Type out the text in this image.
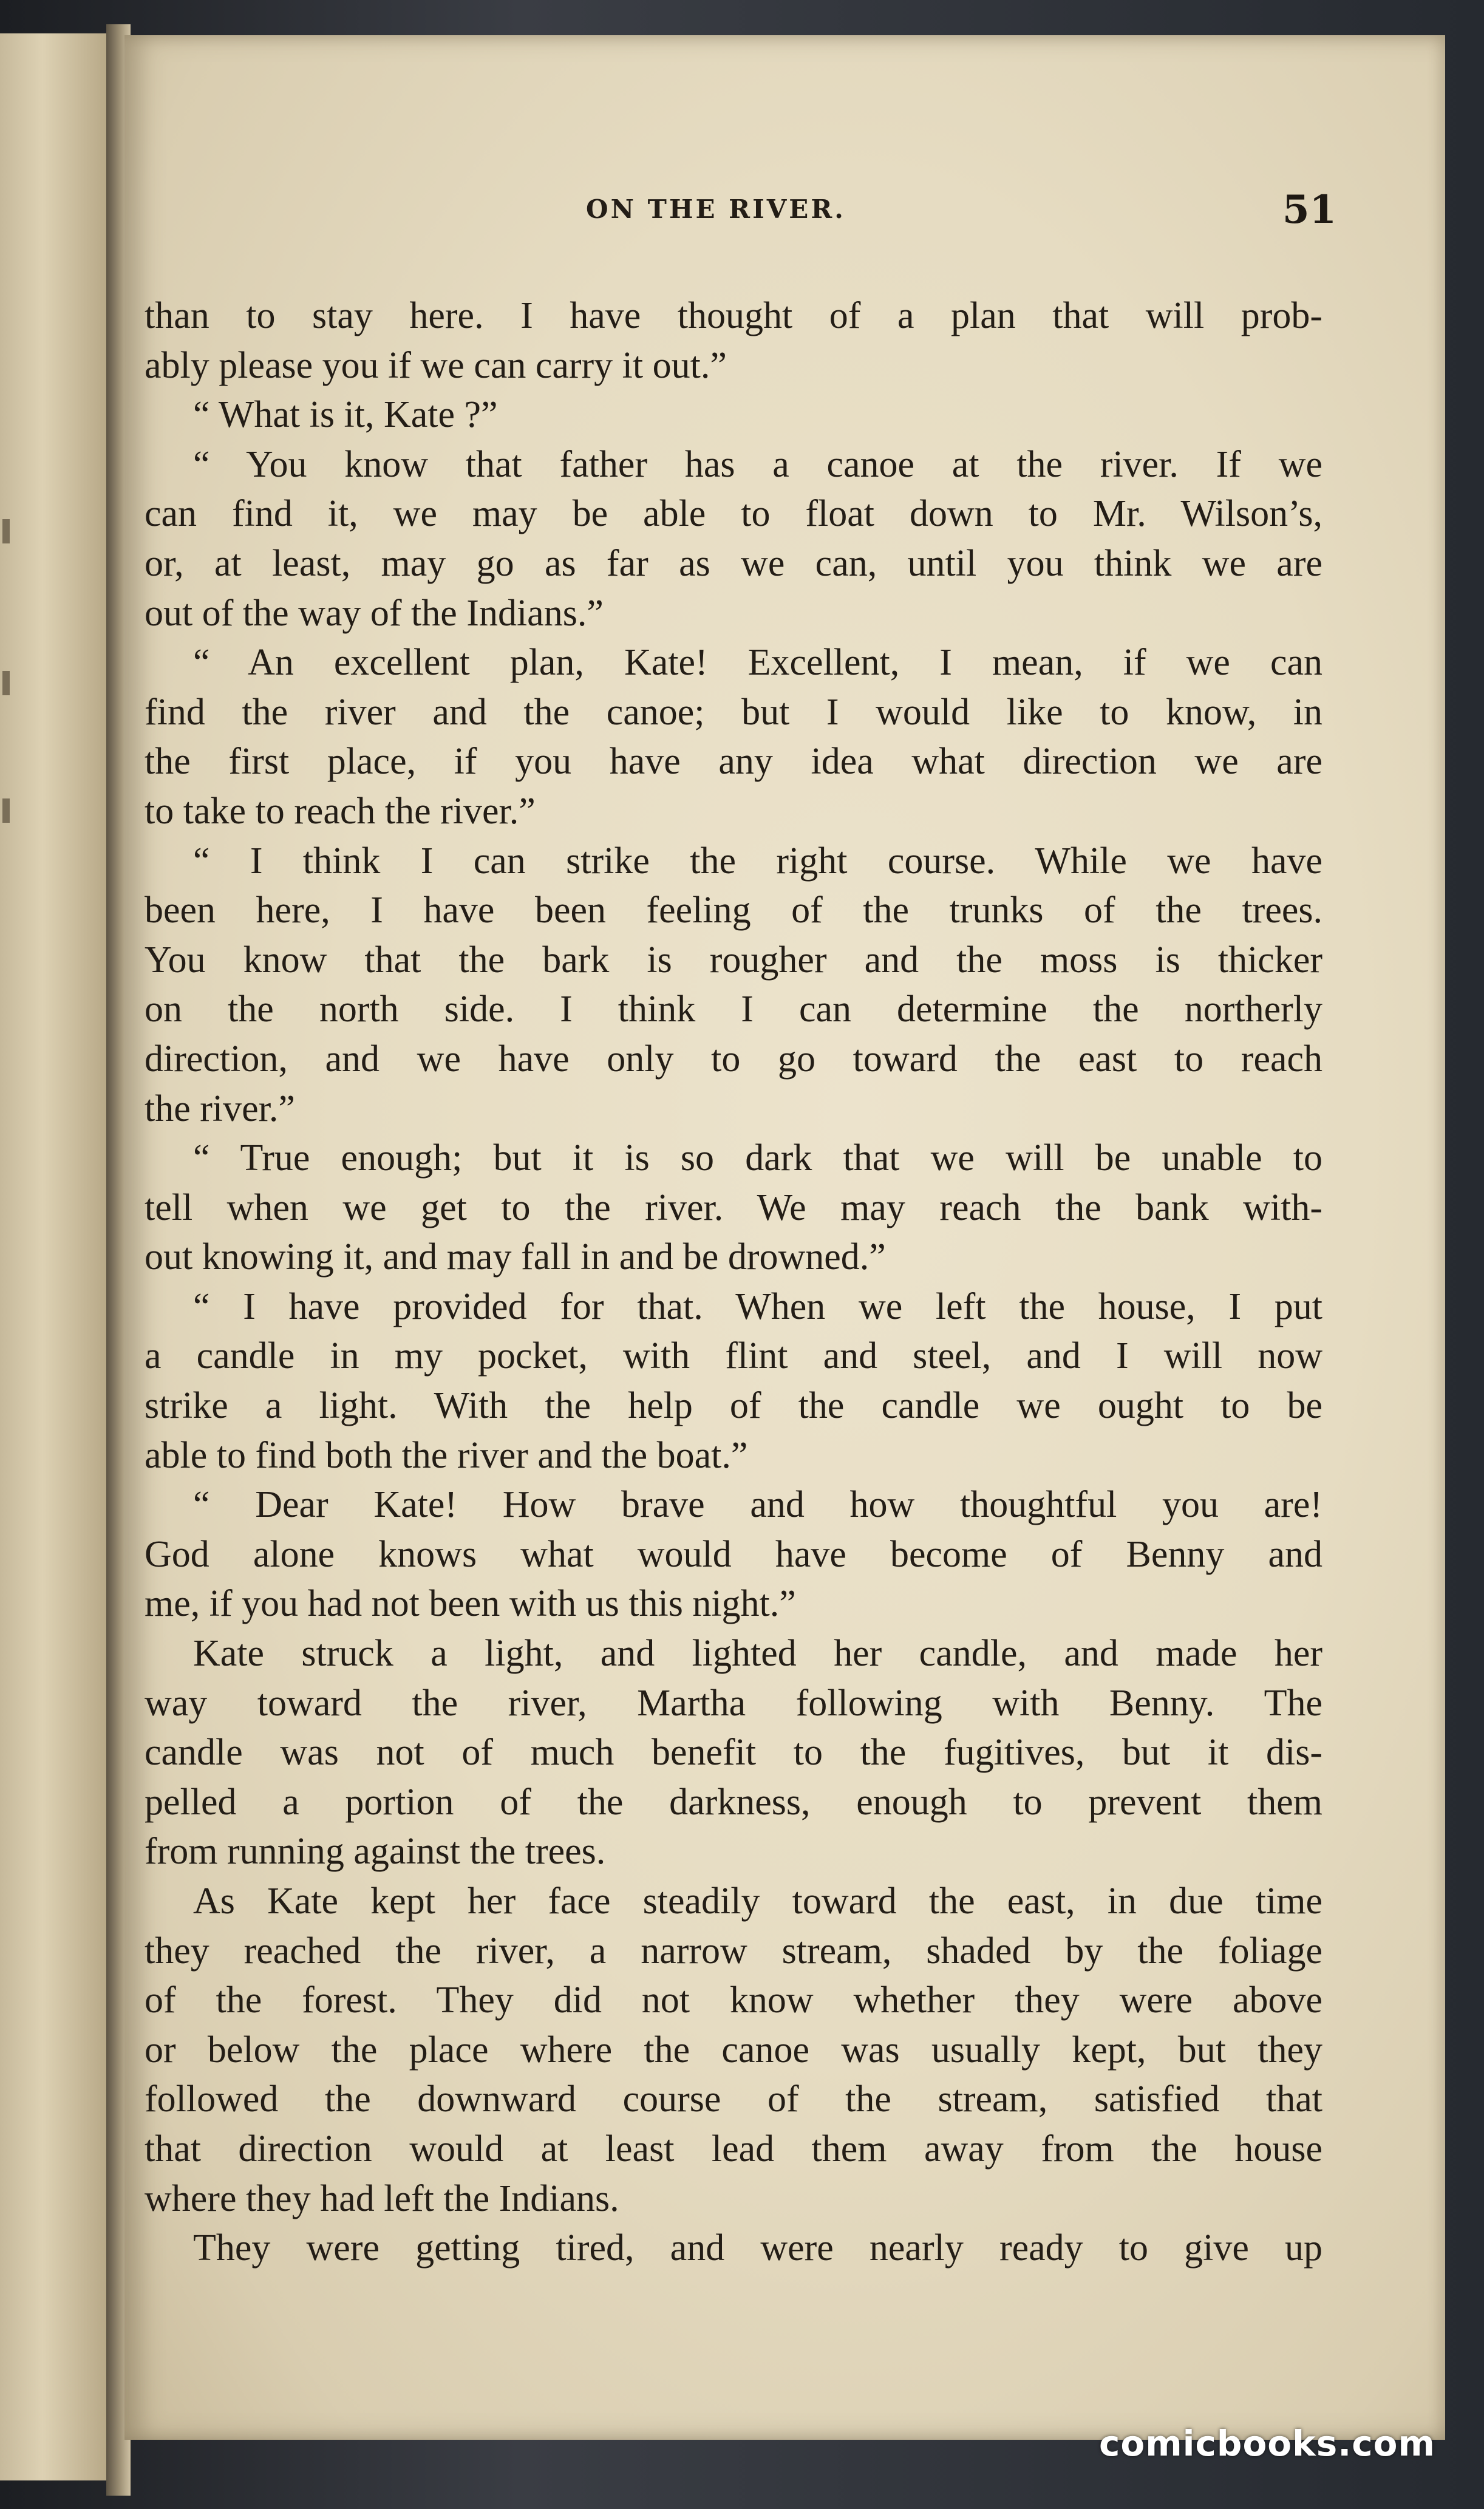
ON THE RIVER.	51
than to stay here. I have thought of a plan that will prob-
ably please you if we can carry it out.”
“ What is it, Kate ?”
“ You know that father has a canoe at the river. If we
can find it, we may be able to float down to Mr. Wilson’s,
or, at least, may go as far as we can, until you think we are
out of the way of the Indians.”
“ An excellent plan, Kate! Excellent, I mean, if we can
find the river and the canoe; but I would like to know, in
the first place, if you have any idea what direction we are
to take to reach the river.”
“ I think I can strike the right course. While we have
been here, I have been feeling of the trunks of the trees.
You know that the bark is rougher and the moss is thicker
on the north side. I think I can determine the northerly
direction, and we have only to go toward the east to reach
the river.”
“ True enough; but it is so dark that we will be unable to
tell when we get to the river. We may reach the bank with-
out knowing it, and may fall in and be drowned.”
“ I have provided for that. When we left the house, I put
a candle in my pocket, with flint and steel, and I will now
strike a light. With the help of the candle we ought to be
able to find both the river and the boat.”
“ Dear Kate! How brave and how thoughtful you are!
God alone knows what would have become of Benny and
me, if you had not been with us this night.”
Kate struck a light, and lighted her candle, and made her
way toward the river, Martha following with Benny. The
candle was not of much benefit to the fugitives, but it dis-
pelled a portion of the darkness, enough to prevent them
from running against the trees.
As Kate kept her face steadily toward the east, in due time
they reached the river, a narrow stream, shaded by the foliage
of the forest. They did not know whether they were above
or below the place where the canoe was usually kept, but they
followed the downward course of the stream, satisfied that
that direction would at least lead them away from the house
where they had left the Indians.
They were getting tired, and were nearly ready to give up
comicbooks.com
